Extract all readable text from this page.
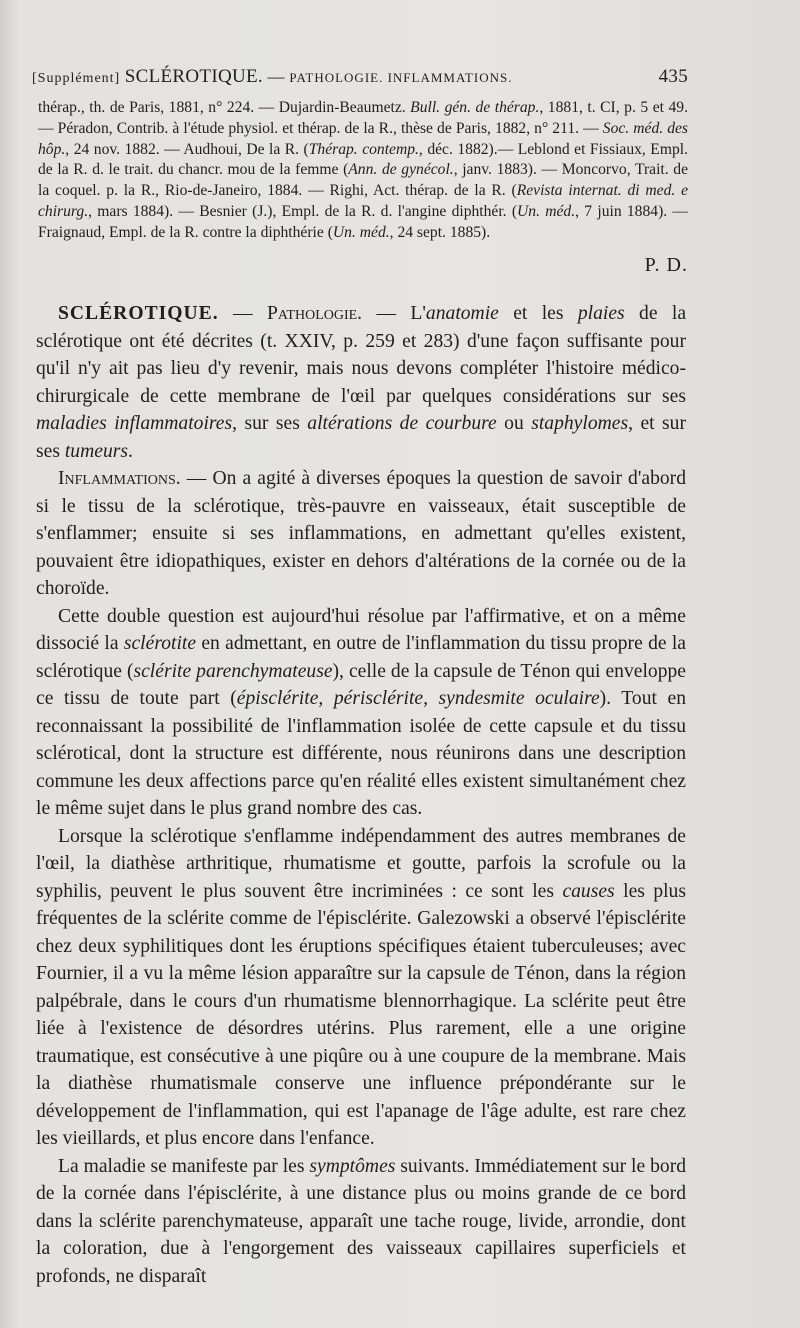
[Supplément] SCLÉROTIQUE. — PATHOLOGIE. INFLAMMATIONS.	435
thérap., th. de Paris, 1881, n° 224. — Dujardin-Beaumetz. Bull. gén. de thérap., 1881, t. CI, p. 5 et 49. — Péradon, Contrib. à l'étude physiol. et thérap. de la R., thèse de Paris, 1882, n° 211. — Soc. méd. des hôp., 24 nov. 1882. — Audhoui, De la R. (Thérap. contemp., déc. 1882).— Leblond et Fissiaux, Empl. de la R. d. le trait. du chancr. mou de la femme (Ann. de gynécol., janv. 1883). — Moncorvo, Trait. de la coquel. p. la R., Rio-de-Janeiro, 1884. — Righi, Act. thérap. de la R. (Revista internat. di med. e chirurg., mars 1884). — Besnier (J.), Empl. de la R. d. l'angine diphthér. (Un. méd., 7 juin 1884). — Fraignaud, Empl. de la R. contre la diphthérie (Un. méd., 24 sept. 1885).
P. D.

SCLÉROTIQUE. — Pathologie. — L'anatomie et les plaies de la sclérotique ont été décrites (t. XXIV, p. 259 et 283) d'une façon suffisante pour qu'il n'y ait pas lieu d'y revenir, mais nous devons compléter l'histoire médico-chirurgicale de cette membrane de l'œil par quelques considérations sur ses maladies inflammatoires, sur ses altérations de courbure ou staphylomes, et sur ses tumeurs.

Inflammations. — On a agité à diverses époques la question de savoir d'abord si le tissu de la sclérotique, très-pauvre en vaisseaux, était susceptible de s'enflammer; ensuite si ses inflammations, en admettant qu'elles existent, pouvaient être idiopathiques, exister en dehors d'altérations de la cornée ou de la choroïde.

Cette double question est aujourd'hui résolue par l'affirmative, et on a même dissocié la sclérotite en admettant, en outre de l'inflammation du tissu propre de la sclérotique (sclérite parenchymateuse), celle de la capsule de Ténon qui enveloppe ce tissu de toute part (épisclérite, périsclérite, syndesmite oculaire). Tout en reconnaissant la possibilité de l'inflammation isolée de cette capsule et du tissu sclérotical, dont la structure est différente, nous réunirons dans une description commune les deux affections parce qu'en réalité elles existent simultanément chez le même sujet dans le plus grand nombre des cas.

Lorsque la sclérotique s'enflamme indépendamment des autres membranes de l'œil, la diathèse arthritique, rhumatisme et goutte, parfois la scrofule ou la syphilis, peuvent le plus souvent être incriminées : ce sont les causes les plus fréquentes de la sclérite comme de l'épisclérite. Galezowski a observé l'épisclérite chez deux syphilitiques dont les éruptions spécifiques étaient tuberculeuses; avec Fournier, il a vu la même lésion apparaître sur la capsule de Ténon, dans la région palpébrale, dans le cours d'un rhumatisme blennorrhagique. La sclérite peut être liée à l'existence de désordres utérins. Plus rarement, elle a une origine traumatique, est consécutive à une piqûre ou à une coupure de la membrane. Mais la diathèse rhumatismale conserve une influence prépondérante sur le développement de l'inflammation, qui est l'apanage de l'âge adulte, est rare chez les vieillards, et plus encore dans l'enfance.

La maladie se manifeste par les symptômes suivants. Immédiatement sur le bord de la cornée dans l'épisclérite, à une distance plus ou moins grande de ce bord dans la sclérite parenchymateuse, apparaît une tache rouge, livide, arrondie, dont la coloration, due à l'engorgement des vaisseaux capillaires superficiels et profonds, ne disparaît
